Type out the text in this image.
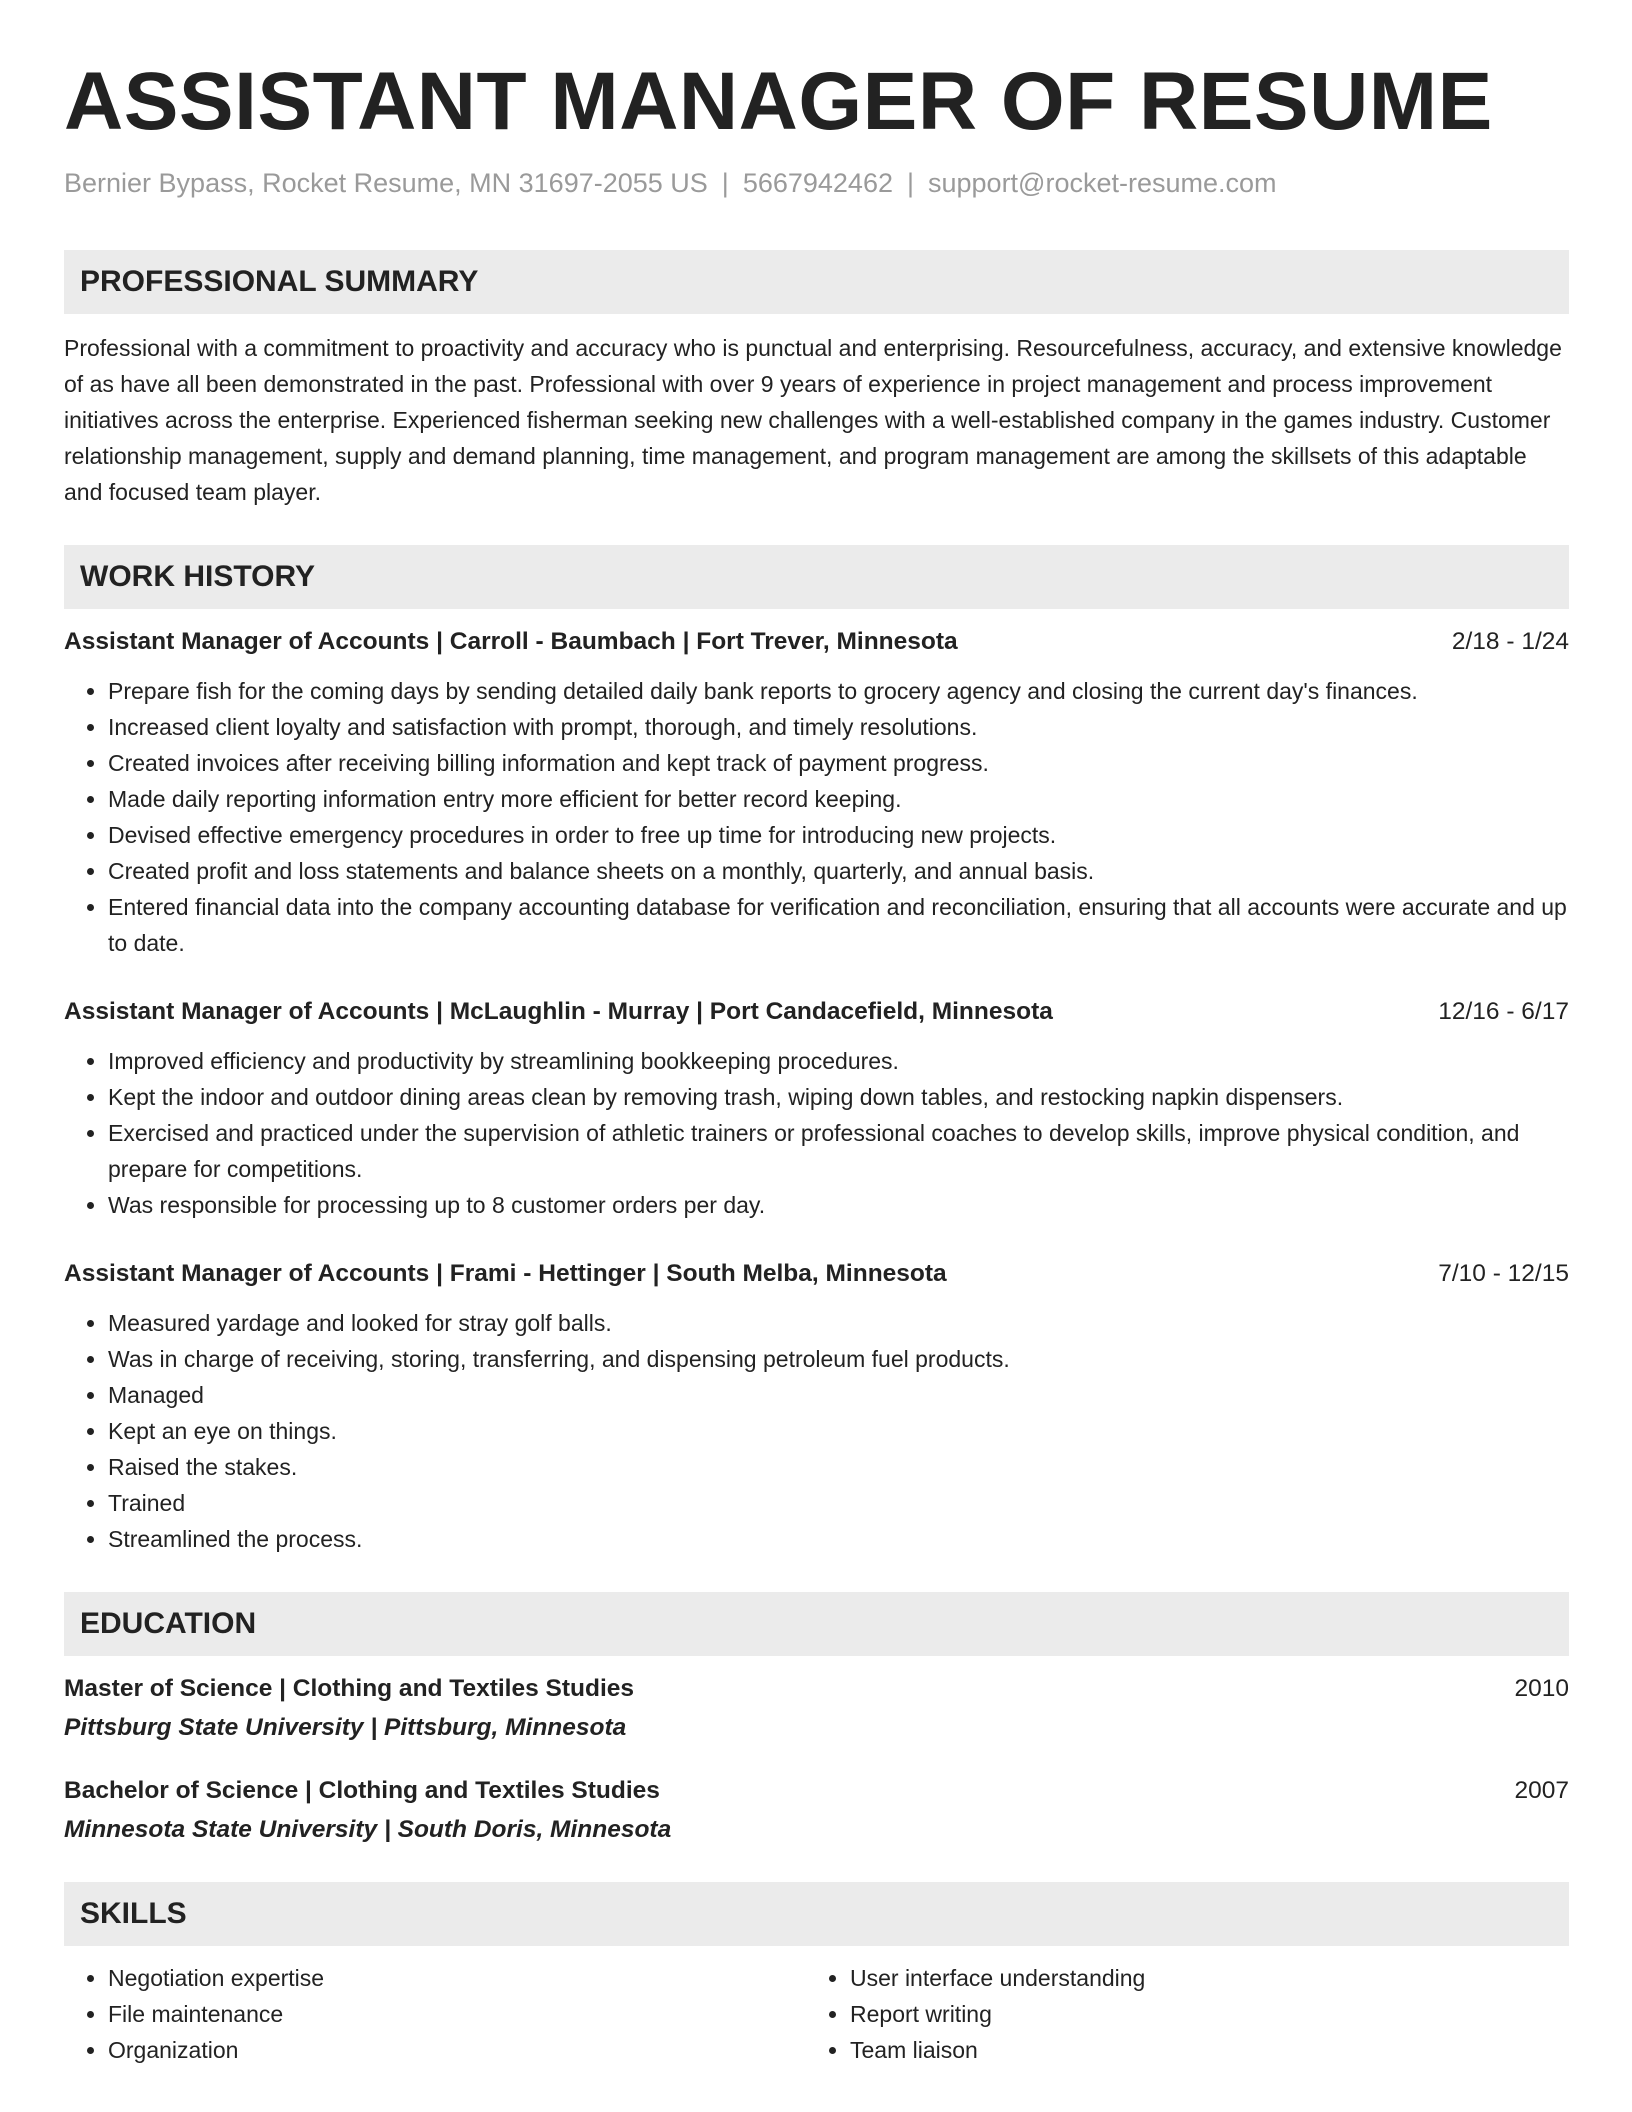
ASSISTANT MANAGER OF RESUME
Bernier Bypass, Rocket Resume, MN 31697-2055 US | 5667942462 | support@rocket-resume.com
PROFESSIONAL SUMMARY
Professional with a commitment to proactivity and accuracy who is punctual and enterprising. Resourcefulness, accuracy, and extensive knowledge of as have all been demonstrated in the past. Professional with over 9 years of experience in project management and process improvement initiatives across the enterprise. Experienced fisherman seeking new challenges with a well-established company in the games industry. Customer relationship management, supply and demand planning, time management, and program management are among the skillsets of this adaptable and focused team player.
WORK HISTORY
Assistant Manager of Accounts | Carroll - Baumbach | Fort Trever, Minnesota	2/18 - 1/24
• Prepare fish for the coming days by sending detailed daily bank reports to grocery agency and closing the current day's finances.
• Increased client loyalty and satisfaction with prompt, thorough, and timely resolutions.
• Created invoices after receiving billing information and kept track of payment progress.
• Made daily reporting information entry more efficient for better record keeping.
• Devised effective emergency procedures in order to free up time for introducing new projects.
• Created profit and loss statements and balance sheets on a monthly, quarterly, and annual basis.
• Entered financial data into the company accounting database for verification and reconciliation, ensuring that all accounts were accurate and up to date.
Assistant Manager of Accounts | McLaughlin - Murray | Port Candacefield, Minnesota	12/16 - 6/17
• Improved efficiency and productivity by streamlining bookkeeping procedures.
• Kept the indoor and outdoor dining areas clean by removing trash, wiping down tables, and restocking napkin dispensers.
• Exercised and practiced under the supervision of athletic trainers or professional coaches to develop skills, improve physical condition, and prepare for competitions.
• Was responsible for processing up to 8 customer orders per day.
Assistant Manager of Accounts | Frami - Hettinger | South Melba, Minnesota	7/10 - 12/15
• Measured yardage and looked for stray golf balls.
• Was in charge of receiving, storing, transferring, and dispensing petroleum fuel products.
• Managed
• Kept an eye on things.
• Raised the stakes.
• Trained
• Streamlined the process.
EDUCATION
Master of Science | Clothing and Textiles Studies	2010
Pittsburg State University | Pittsburg, Minnesota
Bachelor of Science | Clothing and Textiles Studies	2007
Minnesota State University | South Doris, Minnesota
SKILLS
• Negotiation expertise
• File maintenance
• Organization
• User interface understanding
• Report writing
• Team liaison
